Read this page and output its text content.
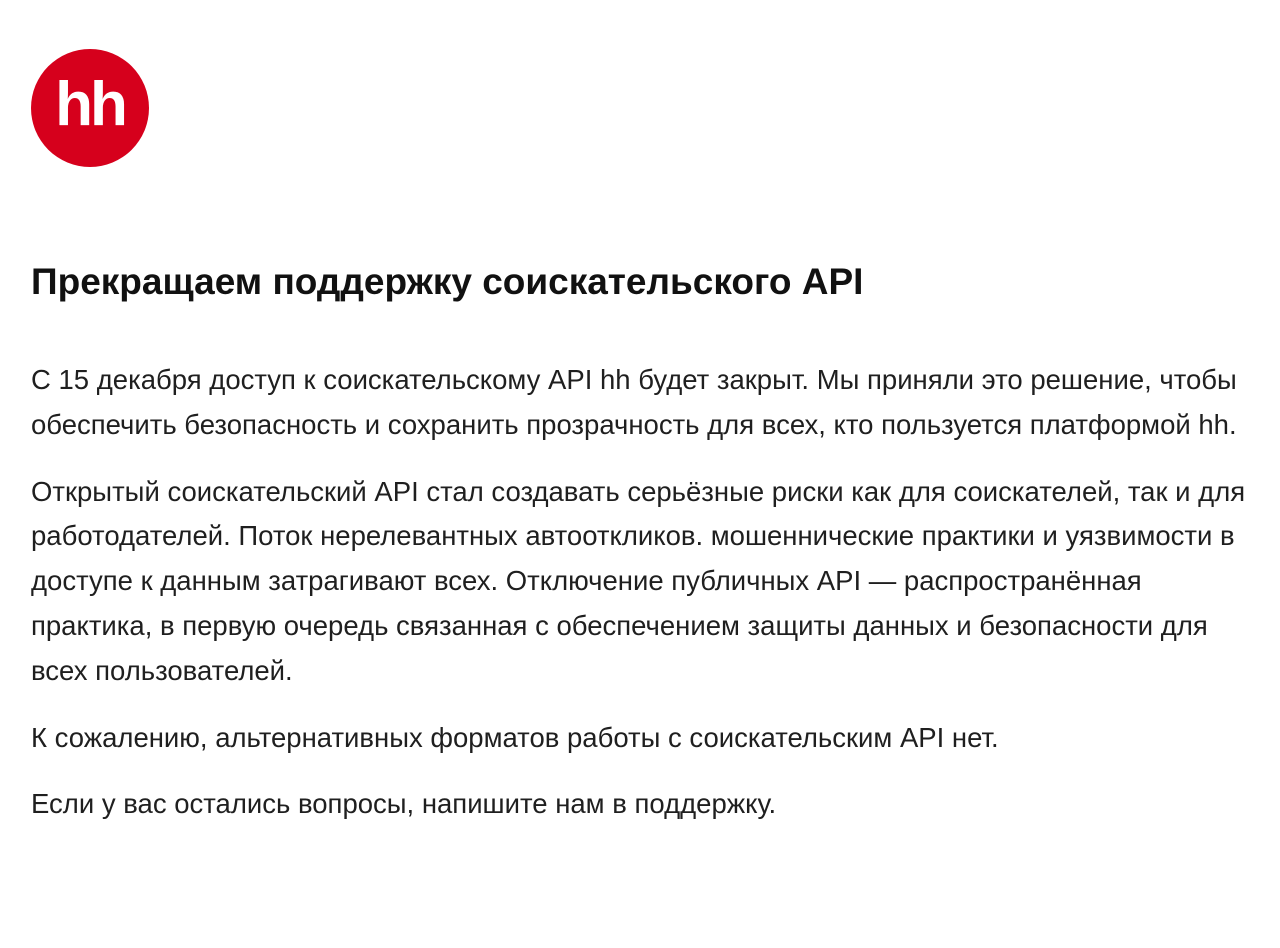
hh
Прекращаем поддержку соискательского API

С 15 декабря доступ к соискательскому API hh будет закрыт. Мы приняли это решение, чтобы обеспечить безопасность и сохранить прозрачность для всех, кто пользуется платформой hh.

Открытый соискательский API стал создавать серьёзные риски как для соискателей, так и для работодателей. Поток нерелевантных автооткликов. мошеннические практики и уязвимости в доступе к данным затрагивают всех. Отключение публичных API — распространённая практика, в первую очередь связанная с обеспечением защиты данных и безопасности для всех пользователей.

К сожалению, альтернативных форматов работы с соискательским API нет.

Если у вас остались вопросы, напишите нам в поддержку.
